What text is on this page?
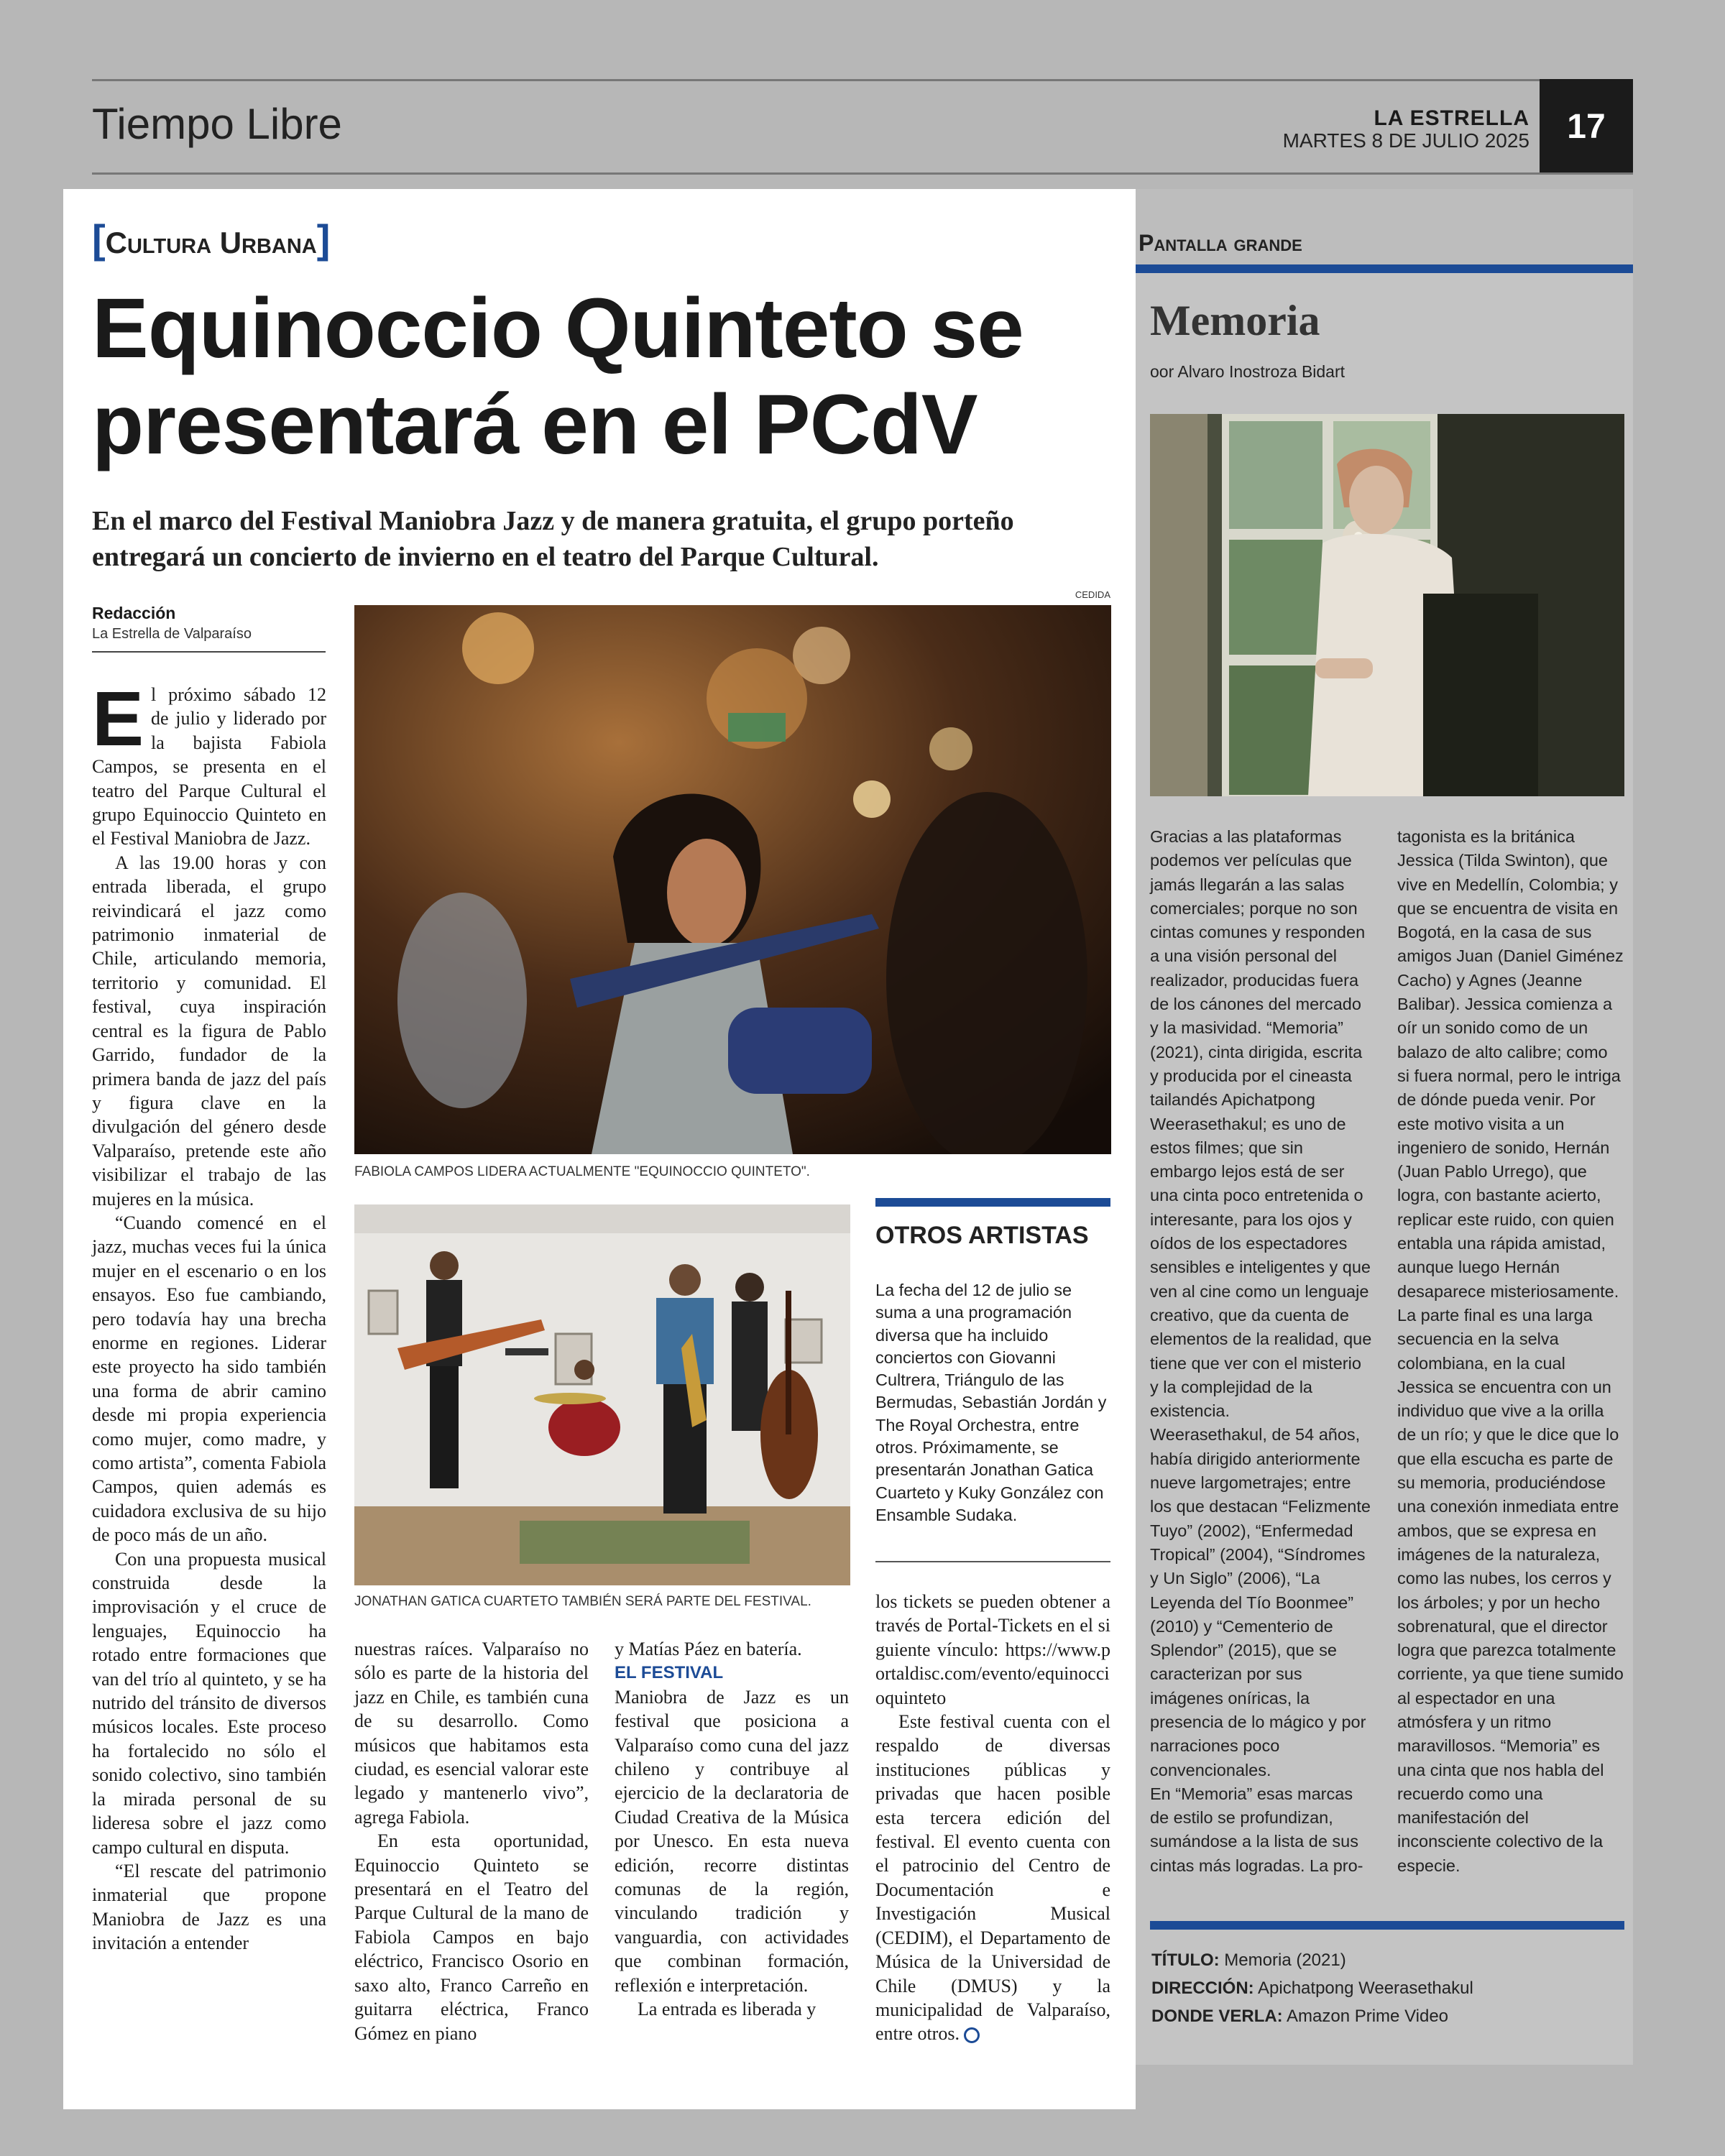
Tiempo Libre	LA ESTRELLA
MARTES 8 DE JULIO 2025	17
[Cultura Urbana]
Equinoccio Quinteto se presentará en el PCdV
En el marco del Festival Maniobra Jazz y de manera gratuita, el grupo porteño entregará un concierto de invierno en el teatro del Parque Cultural.
CEDIDA
Redacción
La Estrella de Valparaíso
FABIOLA CAMPOS LIDERA ACTUALMENTE "EQUINOCCIO QUINTETO".
JONATHAN GATICA CUARTETO TAMBIÉN SERÁ PARTE DEL FESTIVAL.

El próximo sábado 12 de julio y liderado por la bajista Fabiola Campos, se presenta en el teatro del Parque Cultural el grupo Equinoccio Quinteto en el Festival Maniobra de Jazz.

A las 19.00 horas y con entrada liberada, el grupo reivindicará el jazz como patrimonio inmaterial de Chile, articulando memoria, territorio y comunidad. El festival, cuya inspiración central es la figura de Pablo Garrido, fundador de la primera banda de jazz del país y figura clave en la divulgación del género desde Valparaíso, pretende este año visibilizar el trabajo de las mujeres en la música.

“Cuando comencé en el jazz, muchas veces fui la única mujer en el escenario o en los ensayos. Eso fue cambiando, pero todavía hay una brecha enorme en regiones. Liderar este proyecto ha sido también una forma de abrir camino desde mi propia experiencia como mujer, como madre, y como artista”, comenta Fabiola Campos, quien además es cuidadora exclusiva de su hijo de poco más de un año.

Con una propuesta musical construida desde la improvisación y el cruce de lenguajes, Equinoccio ha rotado entre formaciones que van del trío al quinteto, y se ha nutrido del tránsito de diversos músicos locales. Este proceso ha fortalecido no sólo el sonido colectivo, sino también la mirada personal de su lideresa sobre el jazz como campo cultural en disputa.

“El rescate del patrimonio inmaterial que propone Maniobra de Jazz es una invitación a entender

nuestras raíces. Valparaíso no sólo es parte de la historia del jazz en Chile, es también cuna de su desarrollo. Como músicos que habitamos esta ciudad, es esencial valorar este legado y mantenerlo vivo”, agrega Fabiola.

En esta oportunidad, Equinoccio Quinteto se presentará en el Teatro del Parque Cultural de la mano de Fabiola Campos en bajo eléctrico, Francisco Osorio en saxo alto, Franco Carreño en guitarra eléctrica, Franco Gómez en piano

y Matías Páez en batería.

EL FESTIVAL

Maniobra de Jazz es un festival que posiciona a Valparaíso como cuna del jazz chileno y contribuye al ejercicio de la declaratoria de Ciudad Creativa de la Música por Unesco. En esta nueva edición, recorre distintas comunas de la región, vinculando tradición y vanguardia, con actividades que combinan formación, reflexión e interpretación.

La entrada es liberada y

los tickets se pueden obtener a través de Portal-Tickets en el siguiente vínculo: https://www.portaldisc.com/evento/equinoccioquinteto

Este festival cuenta con el respaldo de diversas instituciones públicas y privadas que hacen posible esta tercera edición del festival. El evento cuenta con el patrocinio del Centro de Documentación e Investigación Musical (CEDIM), el Departamento de Música de la Universidad de Chile (DMUS) y la municipalidad de Valparaíso, entre otros.

OTROS ARTISTAS
La fecha del 12 de julio se suma a una programación diversa que ha incluido conciertos con Giovanni Cultrera, Triángulo de las Bermudas, Sebastián Jordán y The Royal Orchestra, entre otros. Próximamente, se presentarán Jonathan Gatica Cuarteto y Kuky González con Ensamble Sudaka.
Pantalla grande
Memoria
oor Alvaro Inostroza Bidart
Gracias a las plataformas podemos ver películas que jamás llegarán a las salas comerciales; porque no son cintas comunes y responden a una visión personal del realizador, producidas fuera de los cánones del mercado y la masividad. “Memoria” (2021), cinta dirigida, escrita y producida por el cineasta tailandés Apichatpong Weerasethakul; es uno de estos filmes; que sin embargo lejos está de ser una cinta poco entretenida o interesante, para los ojos y oídos de los espectadores sensibles e inteligentes y que ven al cine como un lenguaje creativo, que da cuenta de elementos de la realidad, que tiene que ver con el misterio y la complejidad de la existencia.
Weerasethakul, de 54 años, había dirigido anteriormente nueve largometrajes; entre los que destacan “Felizmente Tuyo” (2002), “Enfermedad Tropical” (2004), “Síndromes y Un Siglo” (2006), “La Leyenda del Tío Boonmee” (2010) y “Cementerio de Splendor” (2015), que se caracterizan por sus imágenes oníricas, la presencia de lo mágico y por narraciones poco convencionales.
En “Memoria” esas marcas de estilo se profundizan, sumándose a la lista de sus cintas más logradas. La pro-
tagonista es la británica Jessica (Tilda Swinton), que vive en Medellín, Colombia; y que se encuentra de visita en Bogotá, en la casa de sus amigos Juan (Daniel Giménez Cacho) y Agnes (Jeanne Balibar). Jessica comienza a oír un sonido como de un balazo de alto calibre; como si fuera normal, pero le intriga de dónde pueda venir. Por este motivo visita a un ingeniero de sonido, Hernán (Juan Pablo Urrego), que logra, con bastante acierto, replicar este ruido, con quien entabla una rápida amistad, aunque luego Hernán desaparece misteriosamente.
La parte final es una larga secuencia en la selva colombiana, en la cual Jessica se encuentra con un individuo que vive a la orilla de un río; y que le dice que lo que ella escucha es parte de su memoria, produciéndose una conexión inmediata entre ambos, que se expresa en imágenes de la naturaleza, como las nubes, los cerros y los árboles; y por un hecho sobrenatural, que el director logra que parezca totalmente corriente, ya que tiene sumido al espectador en una atmósfera y un ritmo maravillosos. “Memoria” es una cinta que nos habla del recuerdo como una manifestación del inconsciente colectivo de la especie.
TÍTULO: Memoria (2021)
DIRECCIÓN: Apichatpong Weerasethakul
DONDE VERLA: Amazon Prime Video
